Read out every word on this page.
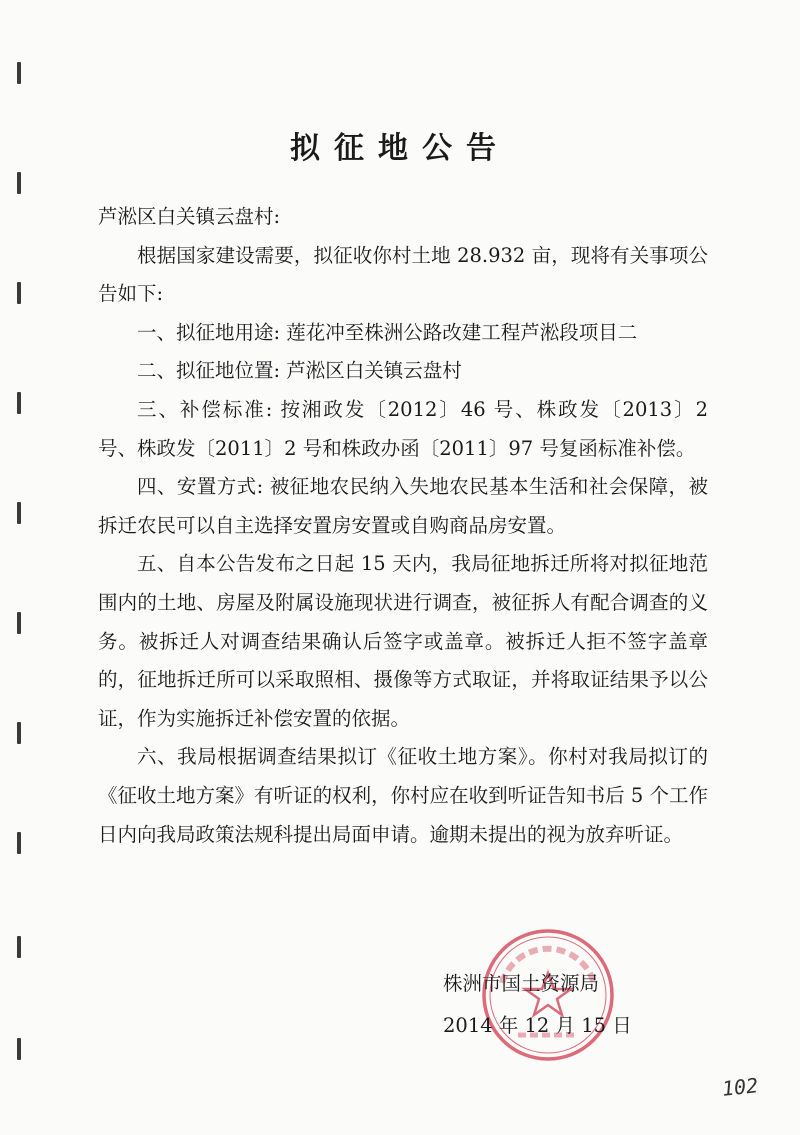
拟征地公告

芦淞区白关镇云盘村:

根据国家建设需要，拟征收你村土地 28.932 亩，现将有关事项公告如下:

一、拟征地用途: 莲花冲至株洲公路改建工程芦淞段项目二

二、拟征地位置: 芦淞区白关镇云盘村

三、补偿标准: 按湘政发〔2012〕46 号、株政发〔2013〕2 号、株政发〔2011〕2 号和株政办函〔2011〕97 号复函标准补偿。

四、安置方式: 被征地农民纳入失地农民基本生活和社会保障，被拆迁农民可以自主选择安置房安置或自购商品房安置。

五、自本公告发布之日起 15 天内，我局征地拆迁所将对拟征地范围内的土地、房屋及附属设施现状进行调查，被征拆人有配合调查的义务。被拆迁人对调查结果确认后签字或盖章。被拆迁人拒不签字盖章的，征地拆迁所可以采取照相、摄像等方式取证，并将取证结果予以公证，作为实施拆迁补偿安置的依据。

六、我局根据调查结果拟订《征收土地方案》。你村对我局拟订的《征收土地方案》有听证的权利，你村应在收到听证告知书后 5 个工作日内向我局政策法规科提出局面申请。逾期未提出的视为放弃听证。

株洲市国土资源局
2014 年 12 月 15 日
102
